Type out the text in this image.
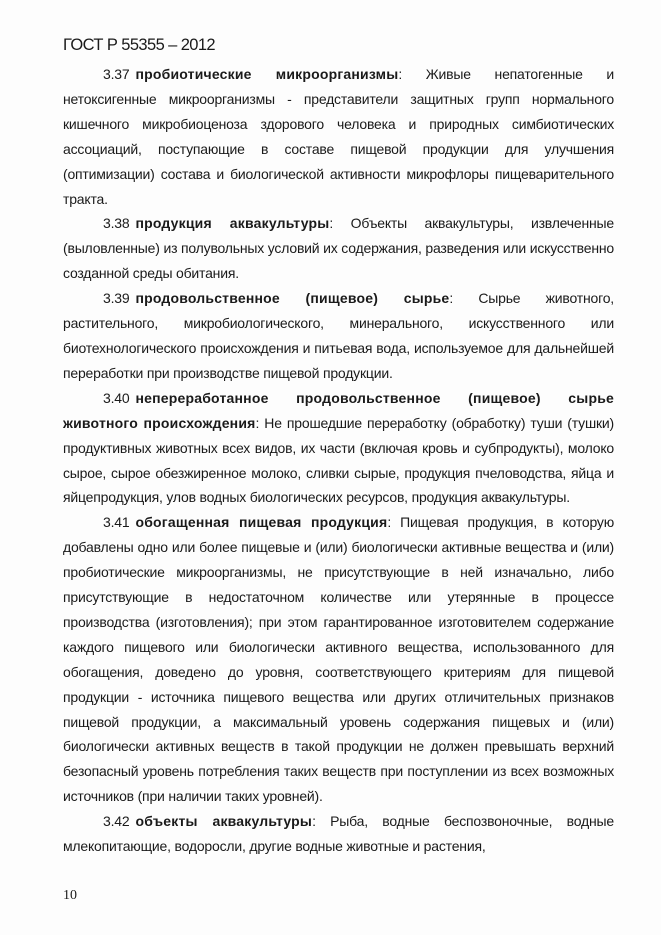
ГОСТ Р 55355 – 2012

3.37 пробиотические микроорганизмы: Живые непатогенные и нетоксигенные микроорганизмы - представители защитных групп нормального кишечного микробиоценоза здорового человека и природных симбиотических ассоциаций, поступающие в составе пищевой продукции для улучшения (оптимизации) состава и биологической активности микрофлоры пищеварительного тракта.

3.38 продукция аквакультуры: Объекты аквакультуры, извлеченные (выловленные) из полувольных условий их содержания, разведения или искусственно созданной среды обитания.

3.39 продовольственное (пищевое) сырье: Сырье животного, растительного, микробиологического, минерального, искусственного или биотехнологического происхождения и питьевая вода, используемое для дальнейшей переработки при производстве пищевой продукции.

3.40 непереработанное продовольственное (пищевое) сырье животного происхождения: Не прошедшие переработку (обработку) туши (тушки) продуктивных животных всех видов, их части (включая кровь и субпродукты), молоко сырое, сырое обезжиренное молоко, сливки сырые, продукция пчеловодства, яйца и яйцепродукция, улов водных биологических ресурсов, продукция аквакультуры.

3.41 обогащенная пищевая продукция: Пищевая продукция, в которую добавлены одно или более пищевые и (или) биологически активные вещества и (или) пробиотические микроорганизмы, не присутствующие в ней изначально, либо присутствующие в недостаточном количестве или утерянные в процессе производства (изготовления); при этом гарантированное изготовителем содержание каждого пищевого или биологически активного вещества, использованного для обогащения, доведено до уровня, соответствующего критериям для пищевой продукции - источника пищевого вещества или других отличительных признаков пищевой продукции, а максимальный уровень содержания пищевых и (или) биологически активных веществ в такой продукции не должен превышать верхний безопасный уровень потребления таких веществ при поступлении из всех возможных источников (при наличии таких уровней).

3.42 объекты аквакультуры: Рыба, водные беспозвоночные, водные млекопитающие, водоросли, другие водные животные и растения,

10
